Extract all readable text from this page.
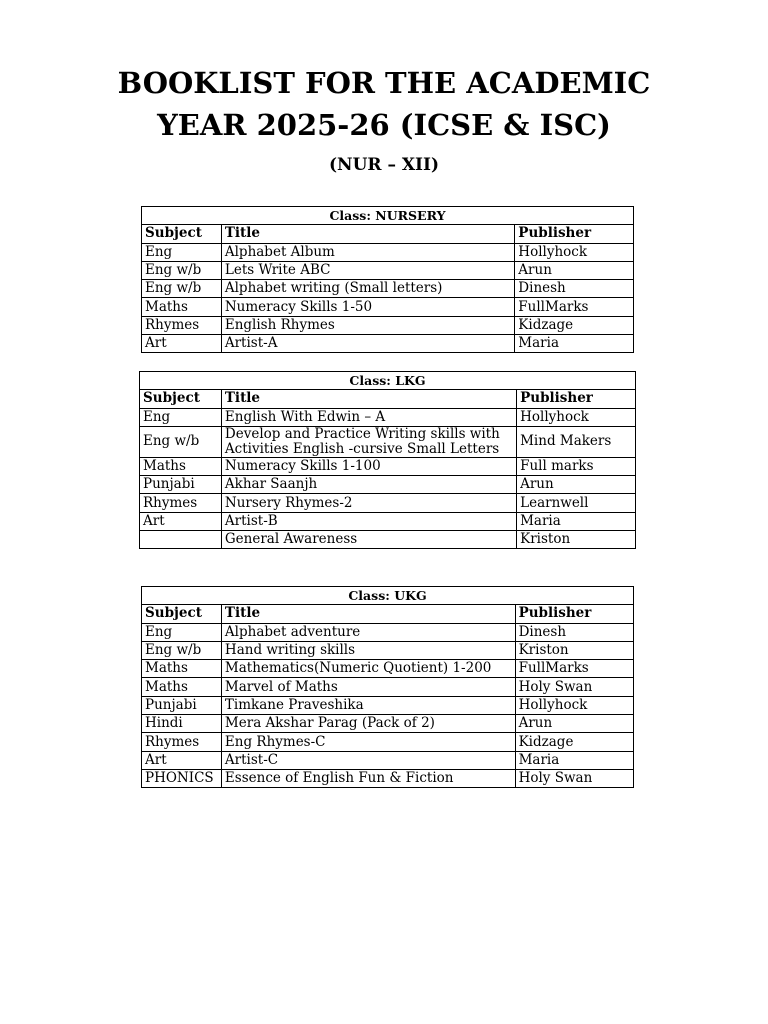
BOOKLIST FOR THE ACADEMIC
YEAR 2025-26 (ICSE & ISC)
(NUR – XII)
Class: NURSERY		
Subject	Title	Publisher
Eng	Alphabet Album	Hollyhock
Eng w/b	Lets Write ABC	Arun
Eng w/b	Alphabet writing (Small letters)	Dinesh
Maths	Numeracy Skills 1-50	FullMarks
Rhymes	English Rhymes	Kidzage
Art	Artist-A	Maria
Class: LKG		
Subject	Title	Publisher
Eng	English With Edwin – A	Hollyhock
Eng w/b	Develop and Practice Writing skills with Activities English -cursive Small Letters	Mind Makers
Maths	Numeracy Skills 1-100	Full marks
Punjabi	Akhar Saanjh	Arun
Rhymes	Nursery Rhymes-2	Learnwell
Art	Artist-B	Maria
	General Awareness	Kriston
Class: UKG		
Subject	Title	Publisher
Eng	Alphabet adventure	Dinesh
Eng w/b	Hand writing skills	Kriston
Maths	Mathematics(Numeric Quotient) 1-200	FullMarks
Maths	Marvel of Maths	Holy Swan
Punjabi	Timkane Praveshika	Hollyhock
Hindi	Mera Akshar Parag (Pack of 2)	Arun
Rhymes	Eng Rhymes-C	Kidzage
Art	Artist-C	Maria
PHONICS	Essence of English Fun & Fiction	Holy Swan
